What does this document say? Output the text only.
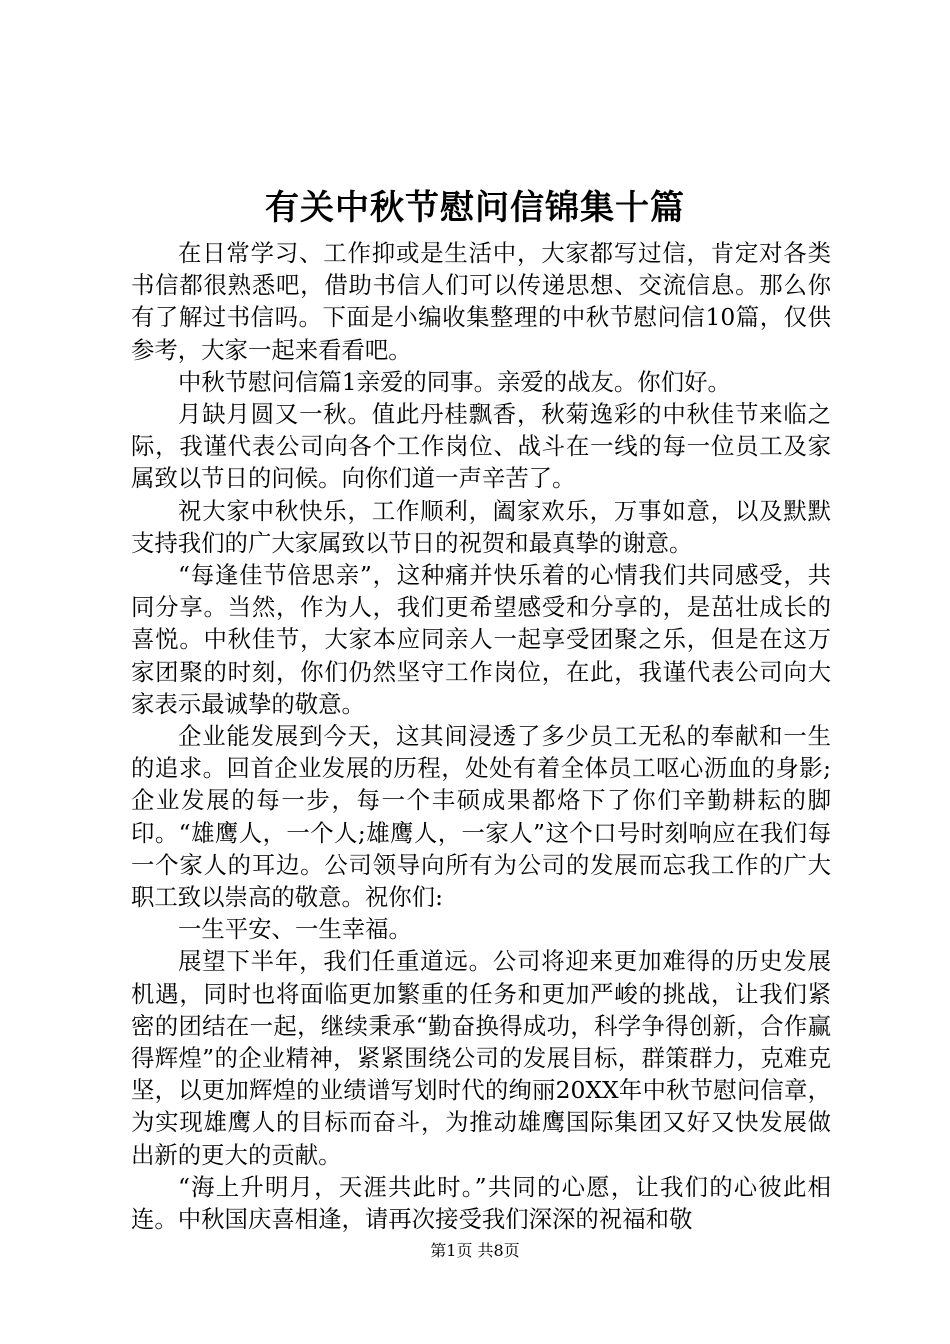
有关中秋节慰问信锦集十篇

在日常学习、工作抑或是生活中，大家都写过信，肯定对各类书信都很熟悉吧，借助书信人们可以传递思想、交流信息。那么你有了解过书信吗。下面是小编收集整理的中秋节慰问信10篇，仅供参考，大家一起来看看吧。

中秋节慰问信篇1亲爱的同事。亲爱的战友。你们好。

月缺月圆又一秋。值此丹桂飘香，秋菊逸彩的中秋佳节来临之际，我谨代表公司向各个工作岗位、战斗在一线的每一位员工及家属致以节日的问候。向你们道一声辛苦了。

祝大家中秋快乐，工作顺利，阖家欢乐，万事如意，以及默默支持我们的广大家属致以节日的祝贺和最真挚的谢意。

“每逢佳节倍思亲”，这种痛并快乐着的心情我们共同感受，共同分享。当然，作为人，我们更希望感受和分享的，是茁壮成长的喜悦。中秋佳节，大家本应同亲人一起享受团聚之乐，但是在这万家团聚的时刻，你们仍然坚守工作岗位，在此，我谨代表公司向大家表示最诚挚的敬意。

企业能发展到今天，这其间浸透了多少员工无私的奉献和一生的追求。回首企业发展的历程，处处有着全体员工呕心沥血的身影;企业发展的每一步，每一个丰硕成果都烙下了你们辛勤耕耘的脚印。“雄鹰人，一个人;雄鹰人，一家人”这个口号时刻响应在我们每一个家人的耳边。公司领导向所有为公司的发展而忘我工作的广大职工致以崇高的敬意。祝你们:

一生平安、一生幸福。

展望下半年，我们任重道远。公司将迎来更加难得的历史发展机遇，同时也将面临更加繁重的任务和更加严峻的挑战，让我们紧密的团结在一起，继续秉承“勤奋换得成功，科学争得创新，合作赢得辉煌”的企业精神，紧紧围绕公司的发展目标，群策群力，克难克坚，以更加辉煌的业绩谱写划时代的绚丽20XX年中秋节慰问信章，为实现雄鹰人的目标而奋斗，为推动雄鹰国际集团又好又快发展做出新的更大的贡献。

“海上升明月，天涯共此时。”共同的心愿，让我们的心彼此相连。中秋国庆喜相逢，请再次接受我们深深的祝福和敬

第1页 共8页
